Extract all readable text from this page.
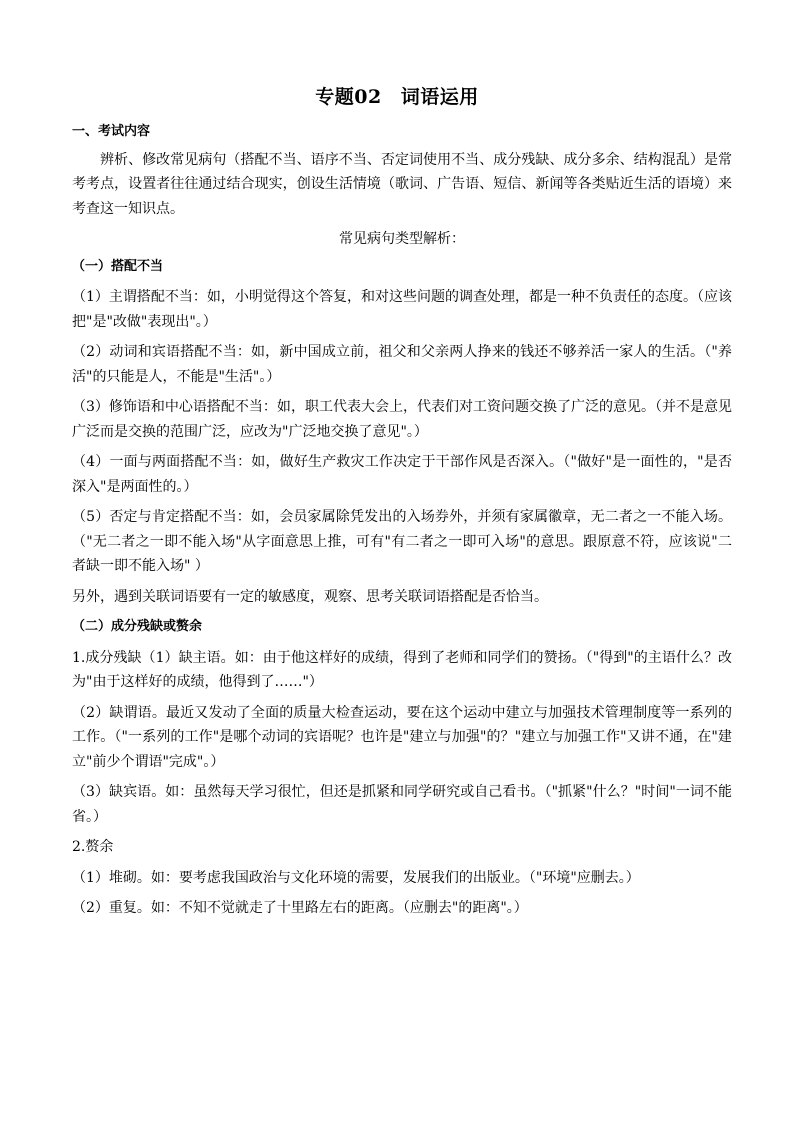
专题02 词语运用

一、考试内容

辨析、修改常见病句（搭配不当、语序不当、否定词使用不当、成分残缺、成分多余、结构混乱）是常考考点，设置者往往通过结合现实，创设生活情境（歌词、广告语、短信、新闻等各类贴近生活的语境）来考查这一知识点。

常见病句类型解析：

（一）搭配不当

（1）主谓搭配不当：如，小明觉得这个答复，和对这些问题的调查处理，都是一种不负责任的态度。（应该把"是"改做"表现出"。）

（2）动词和宾语搭配不当：如，新中国成立前，祖父和父亲两人挣来的钱还不够养活一家人的生活。（"养活"的只能是人，不能是"生活"。）

（3）修饰语和中心语搭配不当：如，职工代表大会上，代表们对工资问题交换了广泛的意见。（并不是意见广泛而是交换的范围广泛，应改为"广泛地交换了意见"。）

（4）一面与两面搭配不当：如，做好生产救灾工作决定于干部作风是否深入。（"做好"是一面性的，"是否深入"是两面性的。）

（5）否定与肯定搭配不当：如，会员家属除凭发出的入场券外，并须有家属徽章，无二者之一不能入场。（"无二者之一即不能入场"从字面意思上推，可有"有二者之一即可入场"的意思。跟原意不符，应该说"二者缺一即不能入场" ）

另外，遇到关联词语要有一定的敏感度，观察、思考关联词语搭配是否恰当。

（二）成分残缺或赘余

1.成分残缺（1）缺主语。如：由于他这样好的成绩，得到了老师和同学们的赞扬。（"得到"的主语什么？改为"由于这样好的成绩，他得到了……"）

（2）缺谓语。最近又发动了全面的质量大检查运动，要在这个运动中建立与加强技术管理制度等一系列的工作。（"一系列的工作"是哪个动词的宾语呢？也许是"建立与加强"的？"建立与加强工作"又讲不通，在"建立"前少个谓语"完成"。）

（3）缺宾语。如：虽然每天学习很忙，但还是抓紧和同学研究或自己看书。（"抓紧"什么？"时间"一词不能省。）

2.赘余

（1）堆砌。如：要考虑我国政治与文化环境的需要，发展我们的出版业。（"环境"应删去。）

（2）重复。如：不知不觉就走了十里路左右的距离。（应删去"的距离"。）
